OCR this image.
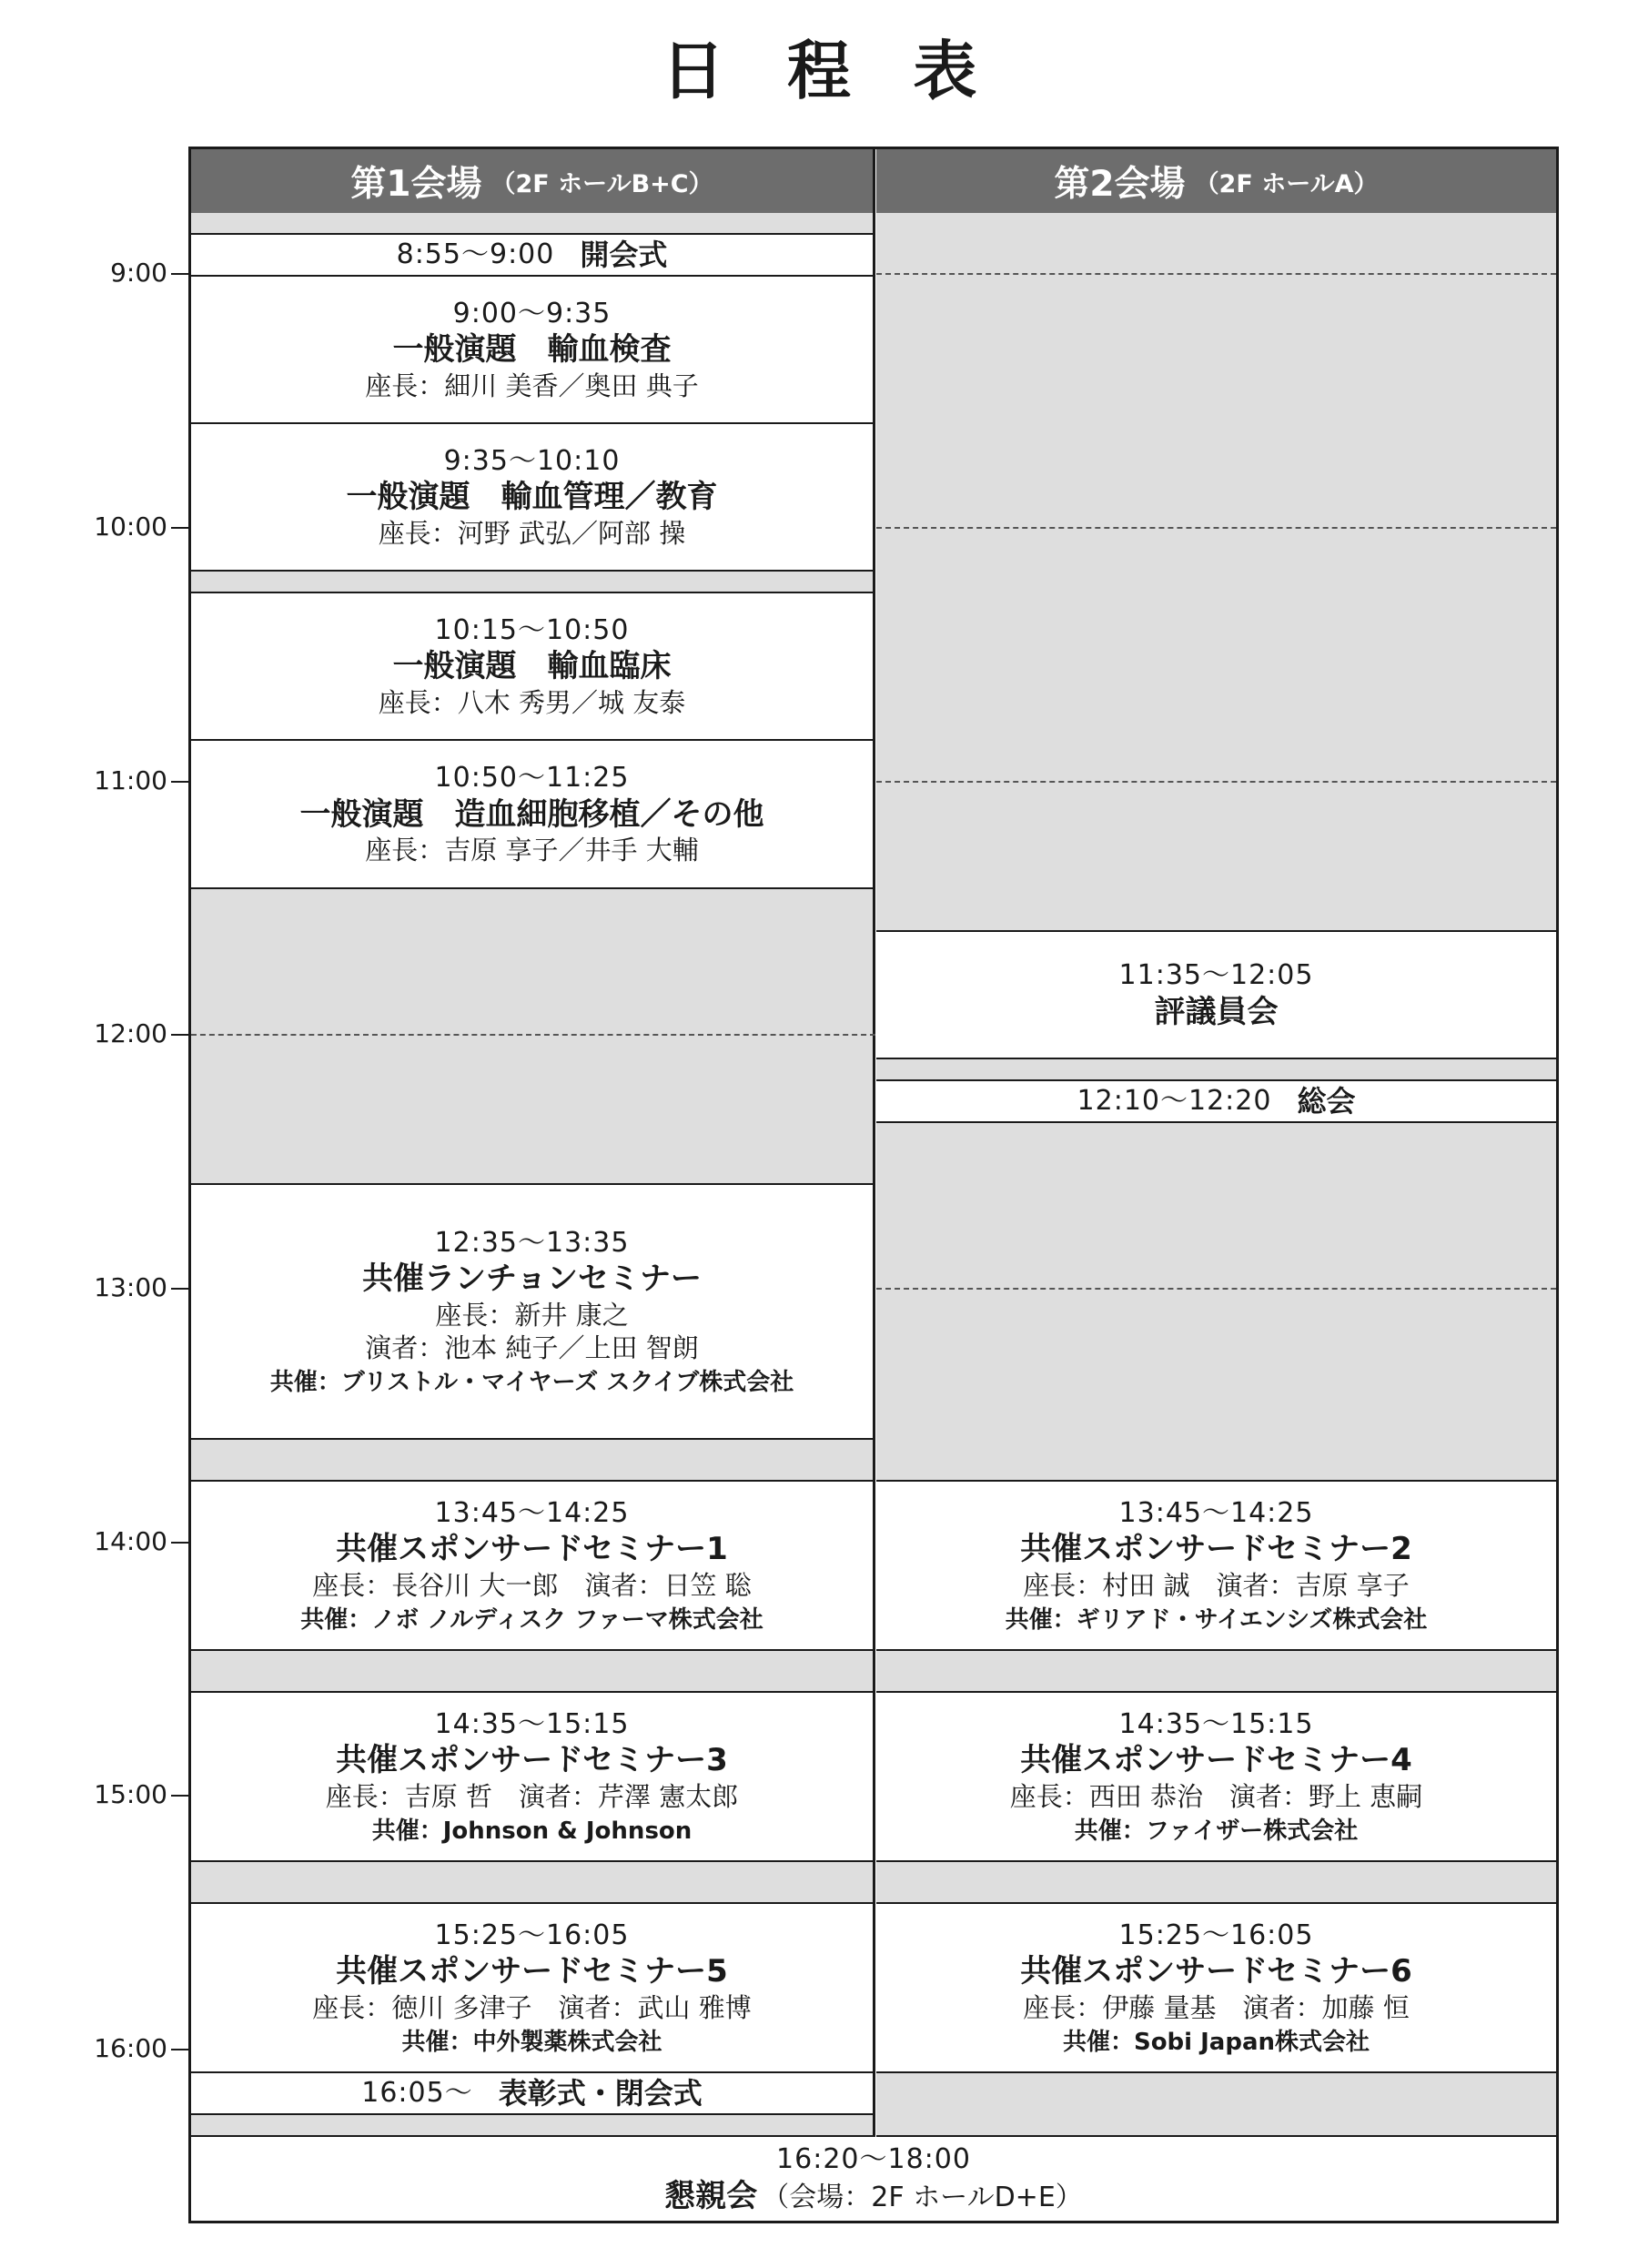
日 程 表
9:00
10:00
11:00
12:00
13:00
14:00
15:00
16:00
第1会場 （2F ホールB+C）	第2会場 （2F ホールA）
8:55〜9:00 開会式
9:00〜9:35
一般演題　輸血検査
座長：細川 美香／奥田 典子
9:35〜10:10
一般演題　輸血管理／教育
座長：河野 武弘／阿部 操
10:15〜10:50
一般演題　輸血臨床
座長：八木 秀男／城 友泰
10:50〜11:25
一般演題　造血細胞移植／その他
座長：吉原 享子／井手 大輔
12:35〜13:35
共催ランチョンセミナー
座長：新井 康之
演者：池本 純子／上田 智朗
共催：ブリストル・マイヤーズ スクイブ株式会社
13:45〜14:25
共催スポンサードセミナー1
座長：長谷川 大一郎　演者：日笠 聡
共催：ノボ ノルディスク ファーマ株式会社
14:35〜15:15
共催スポンサードセミナー3
座長：吉原 哲　演者：芹澤 憲太郎
共催：Johnson & Johnson
15:25〜16:05
共催スポンサードセミナー5
座長：徳川 多津子　演者：武山 雅博
共催：中外製薬株式会社
16:05〜 表彰式・閉会式
11:35〜12:05
評議員会
12:10〜12:20 総会
13:45〜14:25
共催スポンサードセミナー2
座長：村田 誠　演者：吉原 享子
共催：ギリアド・サイエンシズ株式会社
14:35〜15:15
共催スポンサードセミナー4
座長：西田 恭治　演者：野上 恵嗣
共催：ファイザー株式会社
15:25〜16:05
共催スポンサードセミナー6
座長：伊藤 量基　演者：加藤 恒
共催：Sobi Japan株式会社
16:20〜18:00
懇親会 （会場：2F ホールD+E）
